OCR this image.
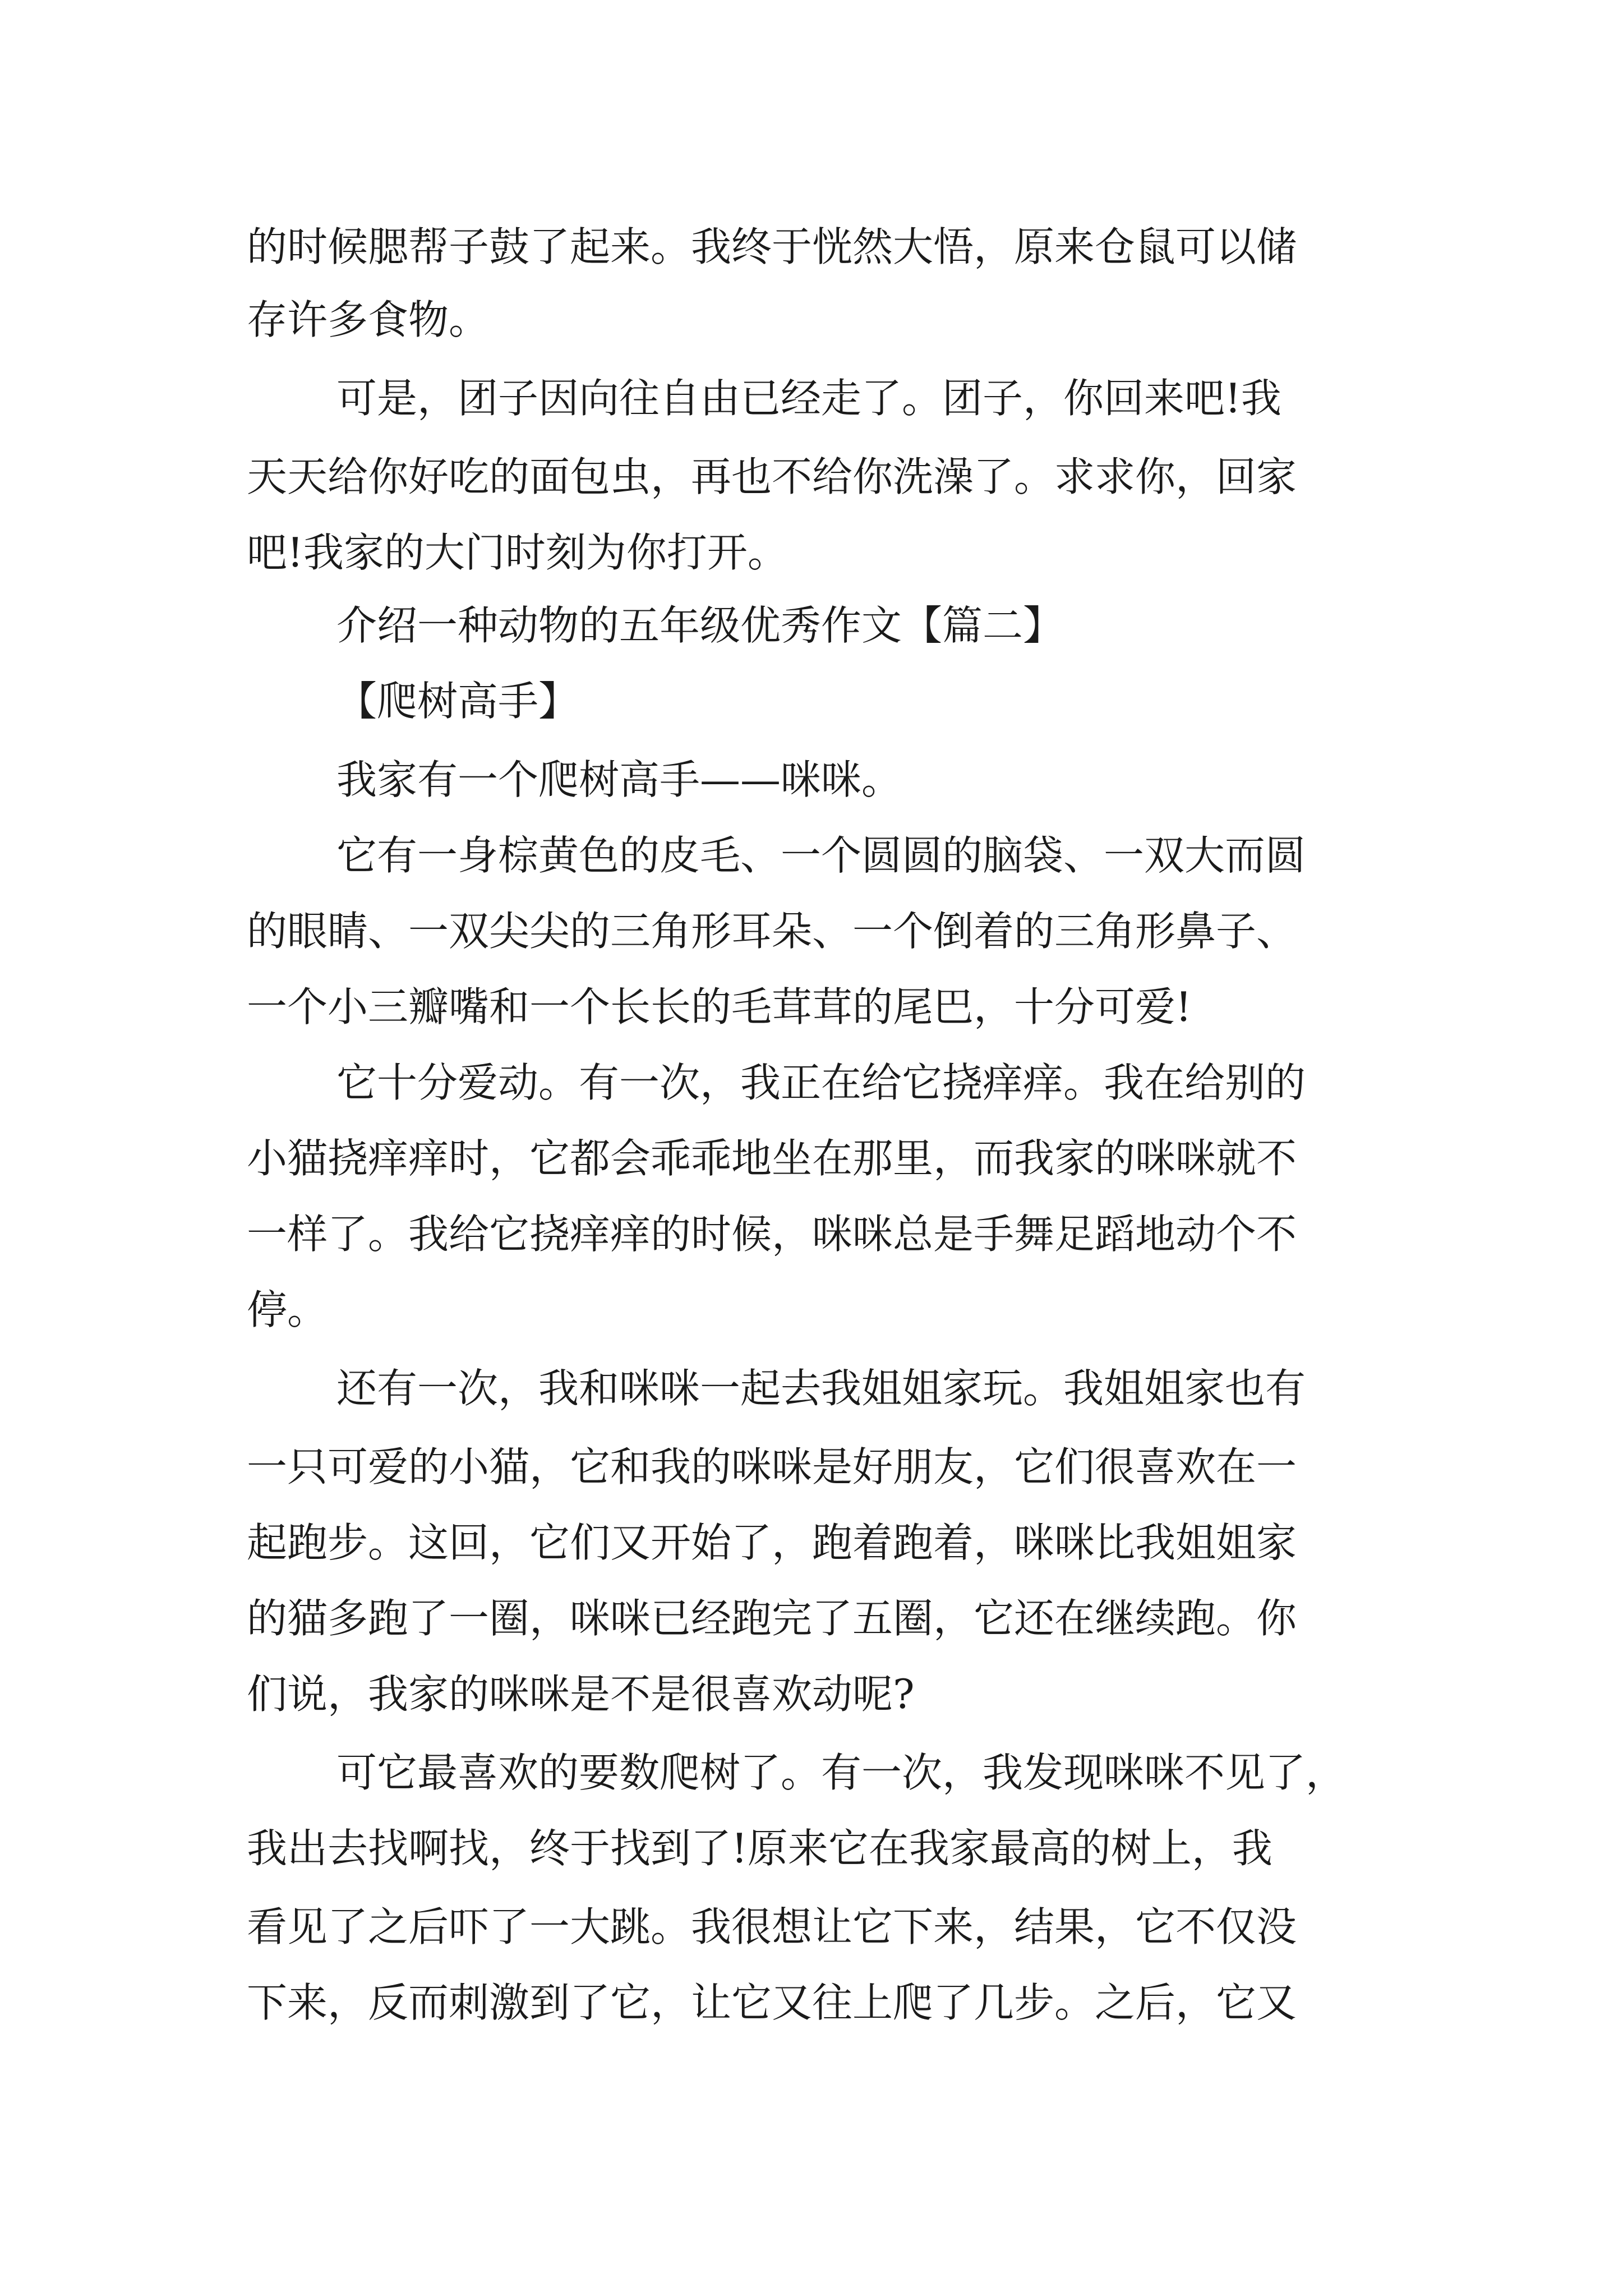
的时候腮帮子鼓了起来。我终于恍然大悟，原来仓鼠可以储
存许多食物。
可是，团子因向往自由已经走了。团子，你回来吧!我
天天给你好吃的面包虫，再也不给你洗澡了。求求你，回家
吧!我家的大门时刻为你打开。
介绍一种动物的五年级优秀作文【篇二】
【爬树高手】
我家有一个爬树高手——咪咪。
它有一身棕黄色的皮毛、一个圆圆的脑袋、一双大而圆
的眼睛、一双尖尖的三角形耳朵、一个倒着的三角形鼻子、
一个小三瓣嘴和一个长长的毛茸茸的尾巴，十分可爱!
它十分爱动。有一次，我正在给它挠痒痒。我在给别的
小猫挠痒痒时，它都会乖乖地坐在那里，而我家的咪咪就不
一样了。我给它挠痒痒的时候，咪咪总是手舞足蹈地动个不
停。
还有一次，我和咪咪一起去我姐姐家玩。我姐姐家也有
一只可爱的小猫，它和我的咪咪是好朋友，它们很喜欢在一
起跑步。这回，它们又开始了，跑着跑着，咪咪比我姐姐家
的猫多跑了一圈，咪咪已经跑完了五圈，它还在继续跑。你
们说，我家的咪咪是不是很喜欢动呢?
可它最喜欢的要数爬树了。有一次，我发现咪咪不见了，
我出去找啊找，终于找到了!原来它在我家最高的树上，我
看见了之后吓了一大跳。我很想让它下来，结果，它不仅没
下来，反而刺激到了它，让它又往上爬了几步。之后，它又
